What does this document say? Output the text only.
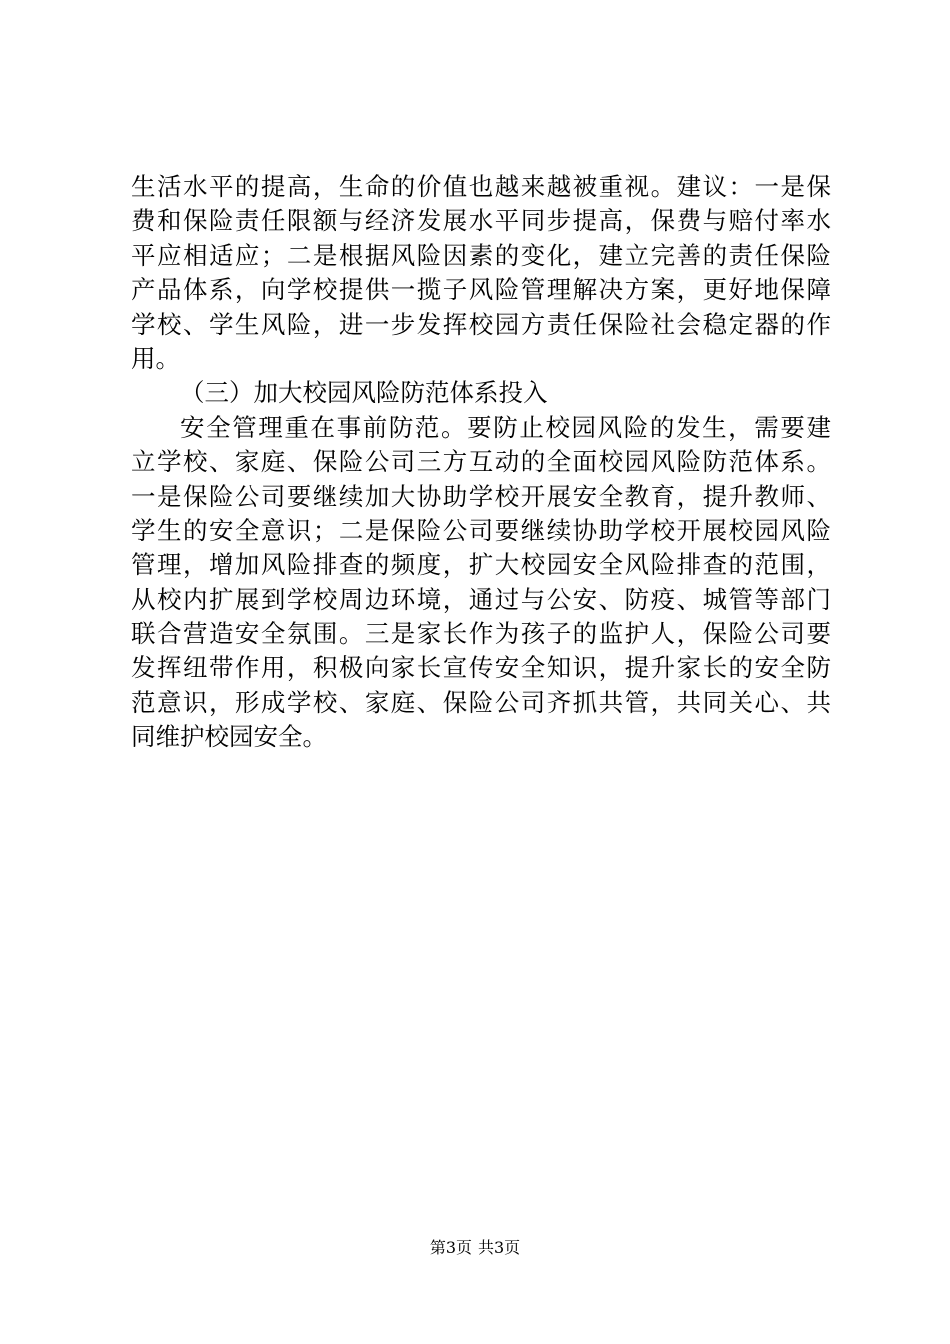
生活水平的提高，生命的价值也越来越被重视。建议：一是保
费和保险责任限额与经济发展水平同步提高，保费与赔付率水
平应相适应；二是根据风险因素的变化，建立完善的责任保险
产品体系，向学校提供一揽子风险管理解决方案，更好地保障
学校、学生风险，进一步发挥校园方责任保险社会稳定器的作
用。
（三）加大校园风险防范体系投入
安全管理重在事前防范。要防止校园风险的发生，需要建
立学校、家庭、保险公司三方互动的全面校园风险防范体系。
一是保险公司要继续加大协助学校开展安全教育，提升教师、
学生的安全意识；二是保险公司要继续协助学校开展校园风险
管理，增加风险排查的频度，扩大校园安全风险排查的范围，
从校内扩展到学校周边环境，通过与公安、防疫、城管等部门
联合营造安全氛围。三是家长作为孩子的监护人，保险公司要
发挥纽带作用，积极向家长宣传安全知识，提升家长的安全防
范意识，形成学校、家庭、保险公司齐抓共管，共同关心、共
同维护校园安全。
第3页 共3页
